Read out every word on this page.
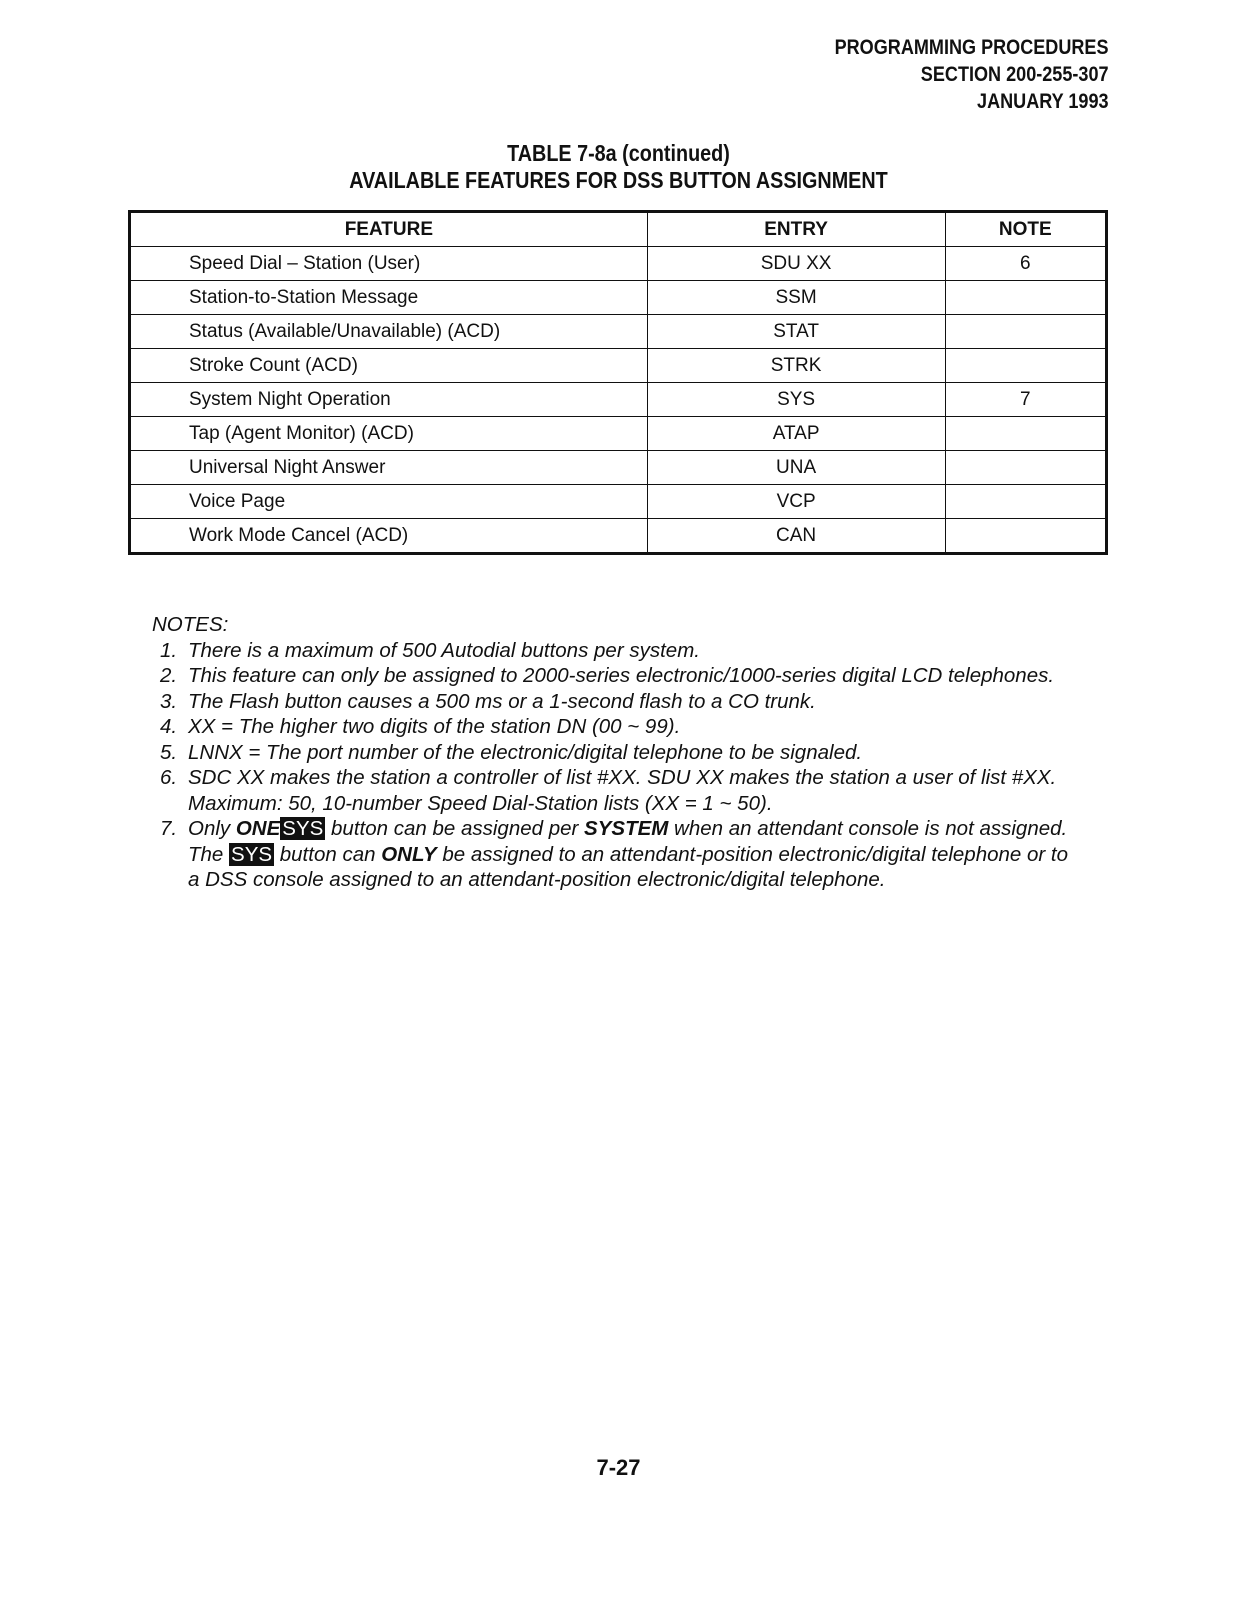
PROGRAMMING PROCEDURES
SECTION 200-255-307
JANUARY 1993
TABLE 7-8a (continued)
AVAILABLE FEATURES FOR DSS BUTTON ASSIGNMENT
FEATURE	ENTRY	NOTE
Speed Dial – Station (User)	SDU XX	6
Station-to-Station Message	SSM	
Status (Available/Unavailable) (ACD)	STAT	
Stroke Count (ACD)	STRK	
System Night Operation	SYS	7
Tap (Agent Monitor) (ACD)	ATAP	
Universal Night Answer	UNA	
Voice Page	VCP	
Work Mode Cancel (ACD)	CAN	
NOTES:
1. There is a maximum of 500 Autodial buttons per system.
2. This feature can only be assigned to 2000-series electronic/1000-series digital LCD telephones.
3. The Flash button causes a 500 ms or a 1-second flash to a CO trunk.
4. XX = The higher two digits of the station DN (00 ~ 99).
5. LNNX = The port number of the electronic/digital telephone to be signaled.
6. SDC XX makes the station a controller of list #XX. SDU XX makes the station a user of list #XX.
Maximum: 50, 10-number Speed Dial-Station lists (XX = 1 ~ 50).
7. Only ONESYS button can be assigned per SYSTEM when an attendant console is not assigned.
The SYS button can ONLY be assigned to an attendant-position electronic/digital telephone or to
a DSS console assigned to an attendant-position electronic/digital telephone.
7-27
